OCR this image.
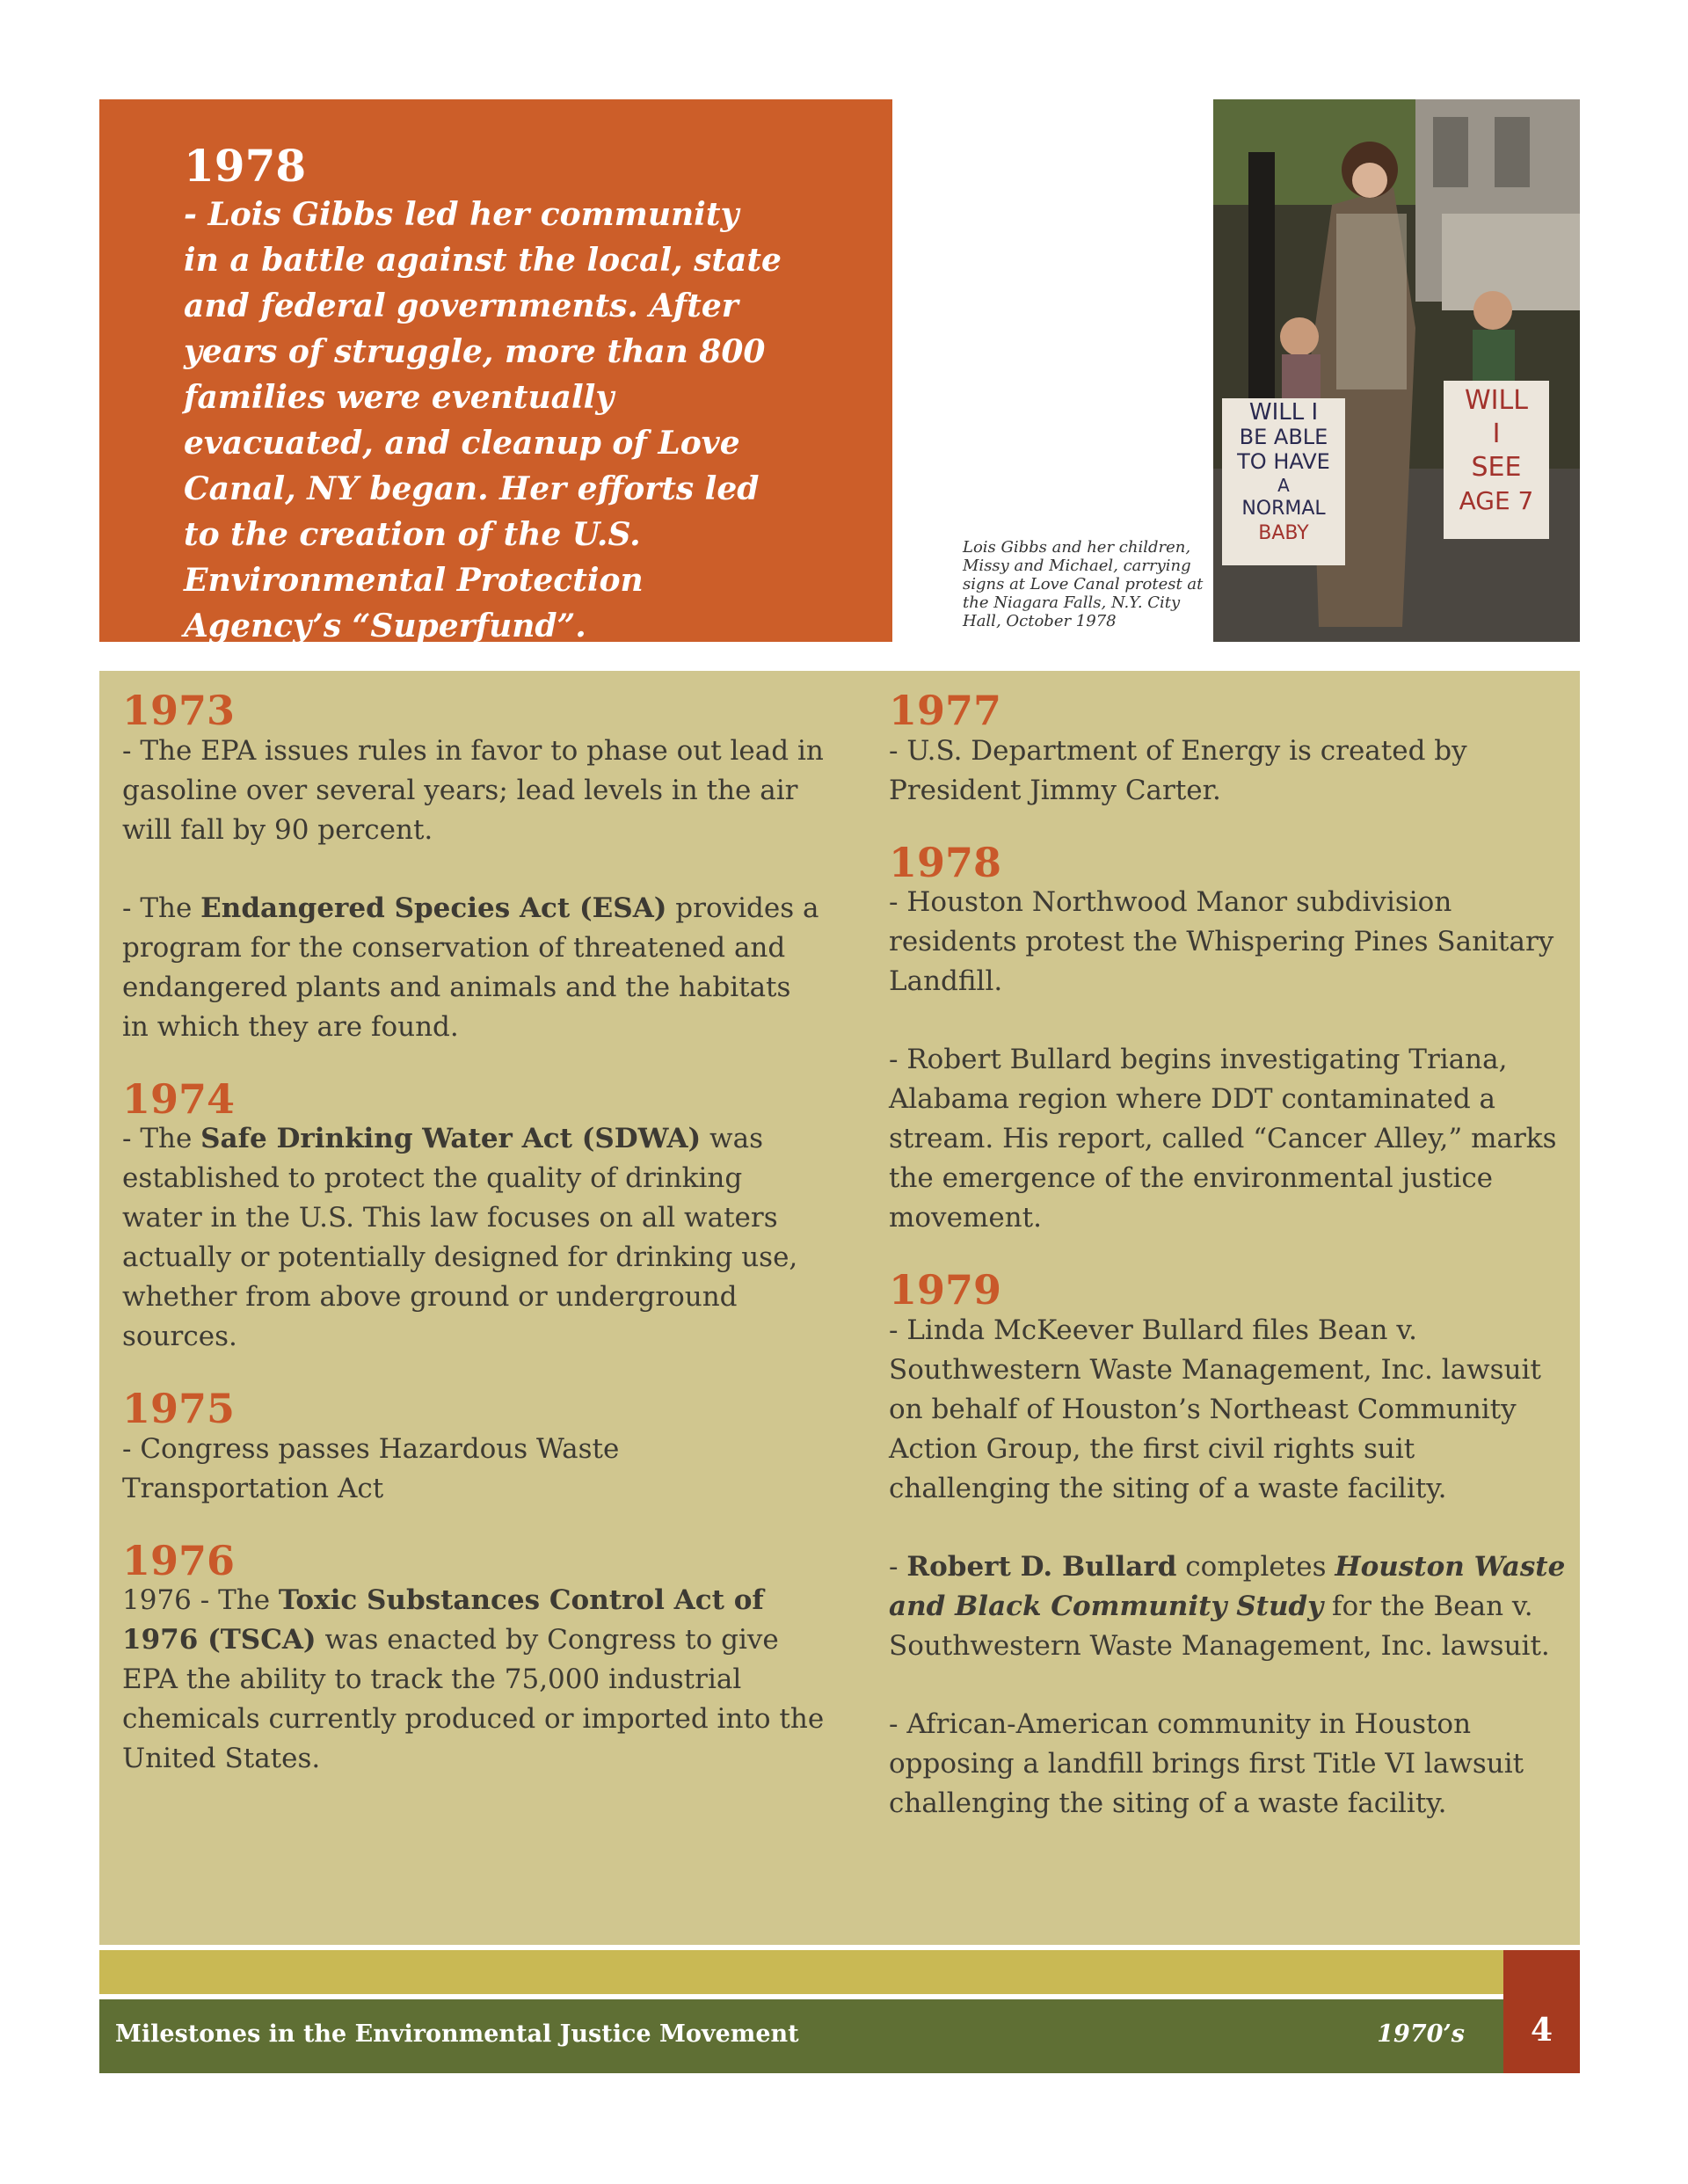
1978

- Lois Gibbs led her community in a battle against the local, state and federal governments. After years of struggle, more than 800 families were eventually evacuated, and cleanup of Love Canal, NY began. Her efforts led to the creation of the U.S. Environmental Protection Agency’s “Superfund”.

Lois Gibbs and her children, Missy and Michael, carrying signs at Love Canal protest at the Niagara Falls, N.Y. City Hall, October 1978
WILL I
BE ABLE
TO HAVE
A
NORMAL
BABY
WILL
I
SEE
AGE 7
1973

- The EPA issues rules in favor to phase out lead in gasoline over several years; lead levels in the air will fall by 90 percent.

- The Endangered Species Act (ESA) provides a program for the conservation of threatened and endangered plants and animals and the habitats in which they are found.

1974

- The Safe Drinking Water Act (SDWA) was established to protect the quality of drinking water in the U.S. This law focuses on all waters actually or potentially designed for drinking use, whether from above ground or underground sources.

1975

- Congress passes Hazardous Waste Transportation Act

1976

1976 - The Toxic Substances Control Act of 1976 (TSCA) was enacted by Congress to give EPA the ability to track the 75,000 industrial chemicals currently produced or imported into the United States.

1977

- U.S. Department of Energy is created by President Jimmy Carter.

1978

- Houston Northwood Manor subdivision residents protest the Whispering Pines Sanitary Landfill.

- Robert Bullard begins investigating Triana, Alabama region where DDT contaminated a stream. His report, called “Cancer Alley,” marks the emergence of the environmental justice movement.

1979

- Linda McKeever Bullard files Bean v. Southwestern Waste Management, Inc. lawsuit on behalf of Houston’s Northeast Community Action Group, the first civil rights suit challenging the siting of a waste facility.

- Robert D. Bullard completes Houston Waste and Black Community Study for the Bean v. Southwestern Waste Management, Inc. lawsuit.

- African-American community in Houston opposing a landfill brings first Title VI lawsuit challenging the siting of a waste facility.

Milestones in the Environmental Justice Movement	1970’s	4
